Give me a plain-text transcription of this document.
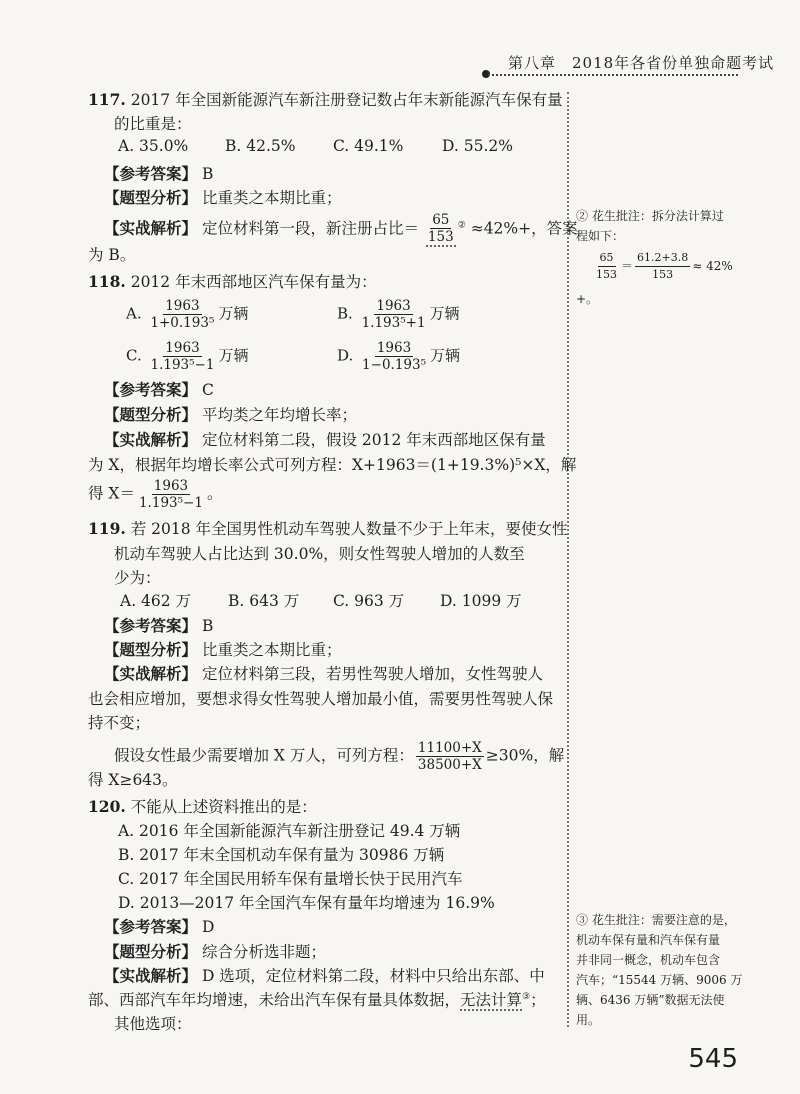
第八章　2018年各省份单独命题考试
117. 2017 年全国新能源汽车新注册登记数占年末新能源汽车保有量
的比重是：
A. 35.0% B. 42.5% C. 49.1% D. 55.2%
【参考答案】 B
【题型分析】 比重类之本期比重；
【实战解析】 定位材料第一段，新注册占比＝ $\frac{65}{153} ^② \approx 42\%+$，答案
为 B。
118. 2012 年末西部地区汽车保有量为：
A. $\frac{1963}{\text{1+0.193⁵}}$ 万辆	B. $\frac{1963}{\text{1.193⁵+1}}$ 万辆
C. $\frac{1963}{\text{1.193⁵−1}}$ 万辆	D. $\frac{1963}{\text{1−0.193⁵}}$ 万辆
【参考答案】 C
【题型分析】 平均类之年均增长率；
【实战解析】 定位材料第二段，假设 2012 年末西部地区保有量
为 X，根据年均增长率公式可列方程：X+1963＝(1+19.3%)⁵×X，解
得 $X= \frac{1963}{\text{1.193⁵−1}}$ 。
119. 若 2018 年全国男性机动车驾驶人数量不少于上年末，要使女性
机动车驾驶人占比达到 30.0%，则女性驾驶人增加的人数至
少为：
A. 462 万 B. 643 万 C. 963 万 D. 1099 万
【参考答案】 B
【题型分析】 比重类之本期比重；
【实战解析】 定位材料第三段，若男性驾驶人增加，女性驾驶人
也会相应增加，要想求得女性驾驶人增加最小值，需要男性驾驶人保
持不变；
假设女性最少需要增加 X 万人，可列方程： $\frac{11100+X}{38500+X} \ge 30\%$，解
得 X≥643。
120. 不能从上述资料推出的是：
A. 2016 年全国新能源汽车新注册登记 49.4 万辆
B. 2017 年末全国机动车保有量为 30986 万辆
C. 2017 年全国民用轿车保有量增长快于民用汽车
D. 2013—2017 年全国汽车保有量年均增速为 16.9%
【参考答案】 D
【题型分析】 综合分析选非题；
【实战解析】 D 选项，定位材料第二段，材料中只给出东部、中
部、西部汽车年均增速，未给出汽车保有量具体数据，无法计算③；
其他选项：
② 花生批注：拆分法计算过
程如下：
$\frac{65}{153} = \frac{61.2+3.8}{153} \approx 42\%$
+。
③ 花生批注：需要注意的是，
机动车保有量和汽车保有量
并非同一概念，机动车包含
汽车；“15544 万辆、9006 万
辆、6436 万辆”数据无法使
用。
545
